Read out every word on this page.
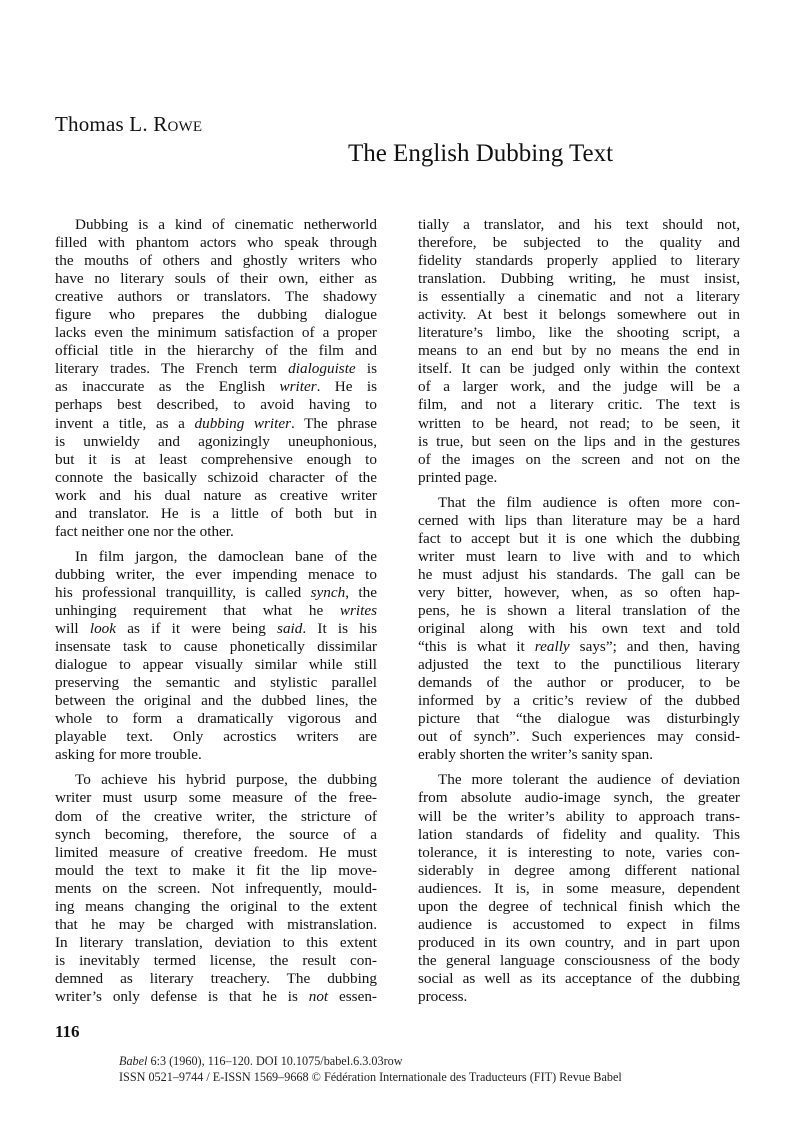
Thomas L. Rowe
The English Dubbing Text

Dubbing is a kind of cinematic netherworld
filled with phantom actors who speak through
the mouths of others and ghostly writers who
have no literary souls of their own, either as
creative authors or translators. The shadowy
figure who prepares the dubbing dialogue
lacks even the minimum satisfaction of a proper
official title in the hierarchy of the film and
literary trades. The French term dialoguiste is
as inaccurate as the English writer. He is
perhaps best described, to avoid having to
invent a title, as a dubbing writer. The phrase
is unwieldy and agonizingly uneuphonious,
but it is at least comprehensive enough to
connote the basically schizoid character of the
work and his dual nature as creative writer
and translator. He is a little of both but in
fact neither one nor the other.

In film jargon, the damoclean bane of the
dubbing writer, the ever impending menace to
his professional tranquillity, is called synch, the
unhinging requirement that what he writes
will look as if it were being said. It is his
insensate task to cause phonetically dissimilar
dialogue to appear visually similar while still
preserving the semantic and stylistic parallel
between the original and the dubbed lines, the
whole to form a dramatically vigorous and
playable text. Only acrostics writers are
asking for more trouble.

To achieve his hybrid purpose, the dubbing
writer must usurp some measure of the free-
dom of the creative writer, the stricture of
synch becoming, therefore, the source of a
limited measure of creative freedom. He must
mould the text to make it fit the lip move-
ments on the screen. Not infrequently, mould-
ing means changing the original to the extent
that he may be charged with mistranslation.
In literary translation, deviation to this extent
is inevitably termed license, the result con-
demned as literary treachery. The dubbing
writer’s only defense is that he is not essen-

tially a translator, and his text should not,
therefore, be subjected to the quality and
fidelity standards properly applied to literary
translation. Dubbing writing, he must insist,
is essentially a cinematic and not a literary
activity. At best it belongs somewhere out in
literature’s limbo, like the shooting script, a
means to an end but by no means the end in
itself. It can be judged only within the context
of a larger work, and the judge will be a
film, and not a literary critic. The text is
written to be heard, not read; to be seen, it
is true, but seen on the lips and in the gestures
of the images on the screen and not on the
printed page.

That the film audience is often more con-
cerned with lips than literature may be a hard
fact to accept but it is one which the dubbing
writer must learn to live with and to which
he must adjust his standards. The gall can be
very bitter, however, when, as so often hap-
pens, he is shown a literal translation of the
original along with his own text and told
“this is what it really says”; and then, having
adjusted the text to the punctilious literary
demands of the author or producer, to be
informed by a critic’s review of the dubbed
picture that “the dialogue was disturbingly
out of synch”. Such experiences may consid-
erably shorten the writer’s sanity span.

The more tolerant the audience of deviation
from absolute audio-image synch, the greater
will be the writer’s ability to approach trans-
lation standards of fidelity and quality. This
tolerance, it is interesting to note, varies con-
siderably in degree among different national
audiences. It is, in some measure, dependent
upon the degree of technical finish which the
audience is accustomed to expect in films
produced in its own country, and in part upon
the general language consciousness of the body
social as well as its acceptance of the dubbing
process.

116
Babel 6:3 (1960), 116–120. DOI 10.1075/babel.6.3.03row
ISSN 0521–9744 / E-ISSN 1569–9668 © Fédération Internationale des Traducteurs (FIT) Revue Babel
